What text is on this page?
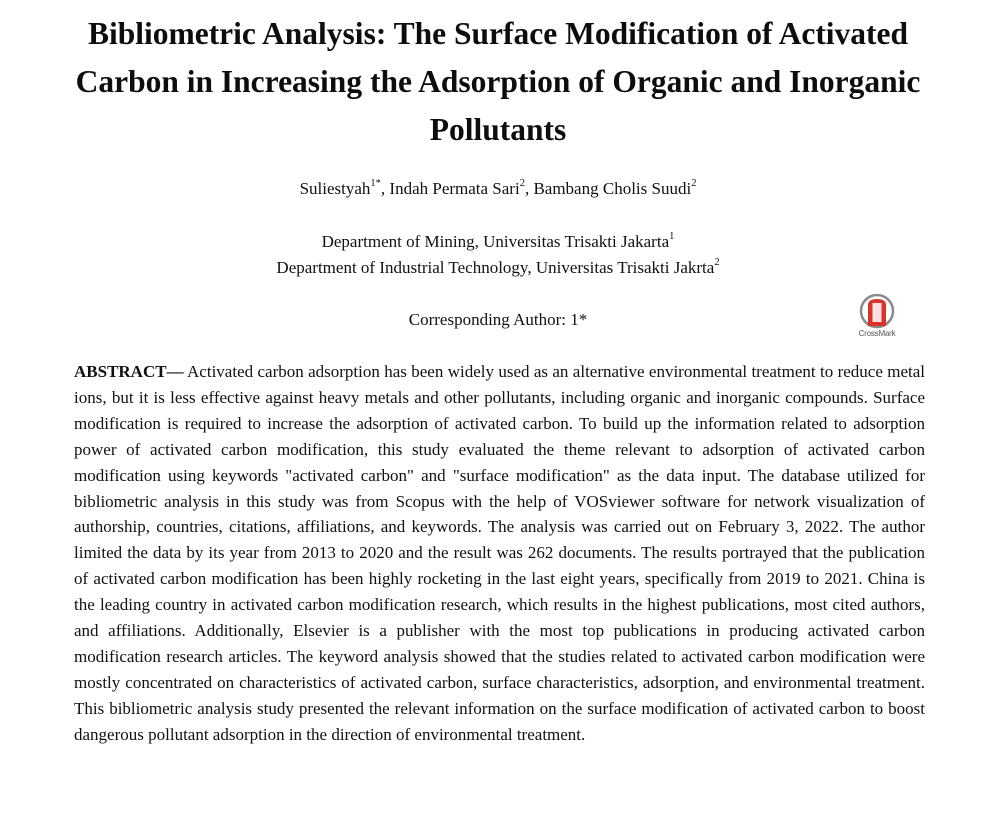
Bibliometric Analysis: The Surface Modification of Activated Carbon in Increasing the Adsorption of Organic and Inorganic Pollutants
Suliestyah$^{1*}$, Indah Permata Sari$^2$, Bambang Cholis Suudi$^2$
Department of Mining, Universitas Trisakti Jakarta$^1$
Department of Industrial Technology, Universitas Trisakti Jakrta$^2$
Corresponding Author: 1*
CrossMark

ABSTRACT— Activated carbon adsorption has been widely used as an alternative environmental treatment to reduce metal ions, but it is less effective against heavy metals and other pollutants, including organic and inorganic compounds. Surface modification is required to increase the adsorption of activated carbon. To build up the information related to adsorption power of activated carbon modification, this study evaluated the theme relevant to adsorption of activated carbon modification using keywords "activated carbon" and "surface modification" as the data input. The database utilized for bibliometric analysis in this study was from Scopus with the help of VOSviewer software for network visualization of authorship, countries, citations, affiliations, and keywords. The analysis was carried out on February 3, 2022. The author limited the data by its year from 2013 to 2020 and the result was 262 documents. The results portrayed that the publication of activated carbon modification has been highly rocketing in the last eight years, specifically from 2019 to 2021. China is the leading country in activated carbon modification research, which results in the highest publications, most cited authors, and affiliations. Additionally, Elsevier is a publisher with the most top publications in producing activated carbon modification research articles. The keyword analysis showed that the studies related to activated carbon modification were mostly concentrated on characteristics of activated carbon, surface characteristics, adsorption, and environmental treatment. This bibliometric analysis study presented the relevant information on the surface modification of activated carbon to boost dangerous pollutant adsorption in the direction of environmental treatment.
